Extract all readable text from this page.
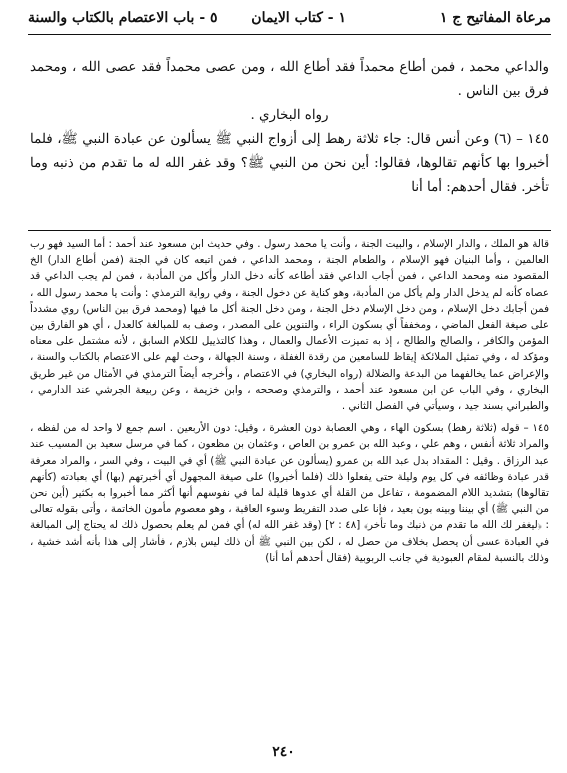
مرعاة المفاتيح ج ١
١ - كتاب الايمان
٥ - باب الاعتصام بالكتاب والسنة

والداعي محمد ، فمن أطاع محمداً فقد أطاع الله ، ومن عصى محمداً فقد عصى الله ، ومحمد فرق بين الناس .

رواه البخاري .

١٤٥ – (٦) وعن أنس قال: جاء ثلاثة رهط إلى أزواج النبي ﷺ يسألون عن عبادة النبي ﷺ، فلما أخبروا بها كأنهم تقالوها، فقالوا: أين نحن من النبي ﷺ؟ وقد غفر الله له ما تقدم من ذنبه وما تأخر. فقال أحدهم: أما أنا

قالة هو الملك ، والدار الإسلام ، والبيت الجنة ، وأنت يا محمد رسول . وفي حديث ابن مسعود عند أحمد : أما السيد فهو رب العالمين ، وأما البنيان فهو الإسلام ، والطعام الجنة ، ومحمد الداعي ، فمن اتبعه كان في الجنة (فمن أطاع الدار) الخ المقصود منه ومحمد الداعي ، فمن أجاب الداعي فقد أطاعه كأنه دخل الدار وأكل من المأدبة ، فمن لم يجب الداعي قد عصاه كأنه لم يدخل الدار ولم يأكل من المأدبة، وهو كناية عن دخول الجنة ، وفي رواية الترمذي : وأنت يا محمد رسول الله ، فمن أجابك دخل الإسلام ، ومن دخل الإسلام دخل الجنة ، ومن دخل الجنة أكل ما فيها (ومحمد فرق بين الناس) روي مشدداً على صيغة الفعل الماضي ، ومخففاً أي بسكون الراء ، والتنوين على المصدر ، وصف به للمبالغة كالعدل ، أي هو الفارق بين المؤمن والكافر ، والصالح والطالح ، إذ به تميزت الأعمال والعمال ، وهذا كالتذييل للكلام السابق ، لأنه مشتمل على معناه ومؤكد له ، وفي تمثيل الملائكة إيقاظ للسامعين من رقدة الغفلة ، وسنة الجهالة ، وحث لهم على الاعتصام بالكتاب والسنة ، والإعراض عما يخالفهما من البدعة والضلالة (رواه البخاري) في الاعتصام ، وأخرجه أيضاً الترمذي في الأمثال من غير طريق البخاري ، وفي الباب عن ابن مسعود عند أحمد ، والترمذي وصححه ، وابن خزيمة ، وعن ربيعة الجرشي عند الدارمي ، والطبراني بسند جيد ، وسيأتي في الفصل الثاني .

١٤٥ – قوله (ثلاثة رهط) بسكون الهاء ، وهي العصابة دون العشرة ، وقيل: دون الأربعين . اسم جمع لا واحد له من لفظه ، والمراد ثلاثة أنفس ، وهم علي ، وعبد الله بن عمرو بن العاص ، وعثمان بن مظعون ، كما في مرسل سعيد بن المسيب عند عبد الرزاق . وقيل : المقداد بدل عبد الله بن عمرو (يسألون عن عبادة النبي ﷺ) أي في البيت ، وفي السر ، والمراد معرفة قدر عبادة وظائفه في كل يوم وليلة حتى يفعلوا ذلك (فلما أخبروا) على صيغة المجهول أي أخبرتهم (بها) أي بعبادته (كأنهم تقالوها) بتشديد اللام المضمومة ، تفاعل من القلة أي عدوها قليلة لما في نفوسهم أنها أكثر مما أخبروا به بكثير (أين نحن من النبي ﷺ) أي بيننا وبينه بون بعيد ، فإنا على صدد التفريط وسوء العاقبة ، وهو معصوم مأمون الخاتمة ، وأتى بقوله تعالى : ﴿ليغفر لك الله ما تقدم من ذنبك وما تأخر﴾ [٤٨ : ٢] (وقد غفر الله له) أي فمن لم يعلم بحصول ذلك له يحتاج إلى المبالغة في العبادة عسى أن يحصل بخلاف من حصل له ، لكن بين النبي ﷺ أن ذلك ليس بلازم ، فأشار إلى هذا بأنه أشد خشية ، وذلك بالنسبة لمقام العبودية في جانب الربوبية (فقال أحدهم أما أنا)

٢٤٠
